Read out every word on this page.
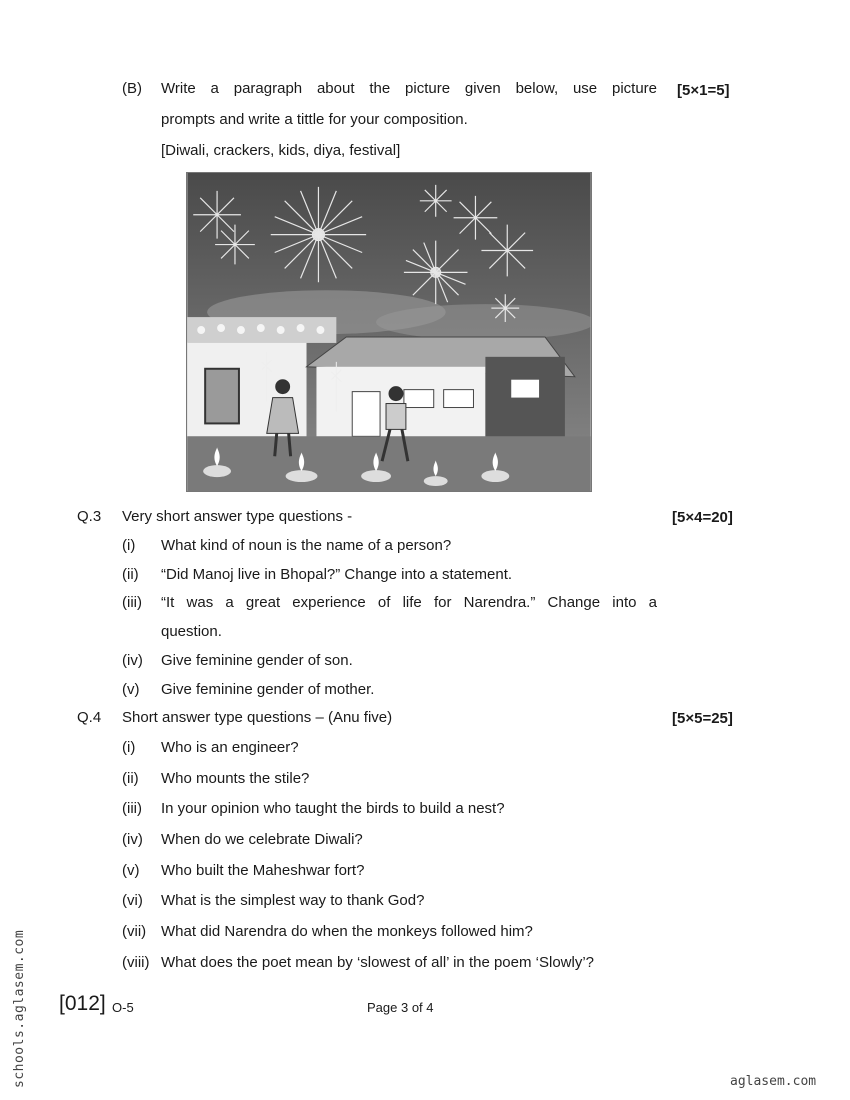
(B) Write a paragraph about the picture given below, use picture [5×1=5]
prompts and write a tittle for your composition.
[Diwali, crackers, kids, diya, festival]
Q.3 Very short answer type questions -	[5×4=20]
(i) What kind of noun is the name of a person?
(ii) “Did Manoj live in Bhopal?” Change into a statement.
(iii) “It was a great experience of life for Narendra.” Change into a
question.
(iv) Give feminine gender of son.
(v) Give feminine gender of mother.
Q.4 Short answer type questions – (Anu five)	[5×5=25]
(i) Who is an engineer?
(ii) Who mounts the stile?
(iii) In your opinion who taught the birds to build a nest?
(iv) When do we celebrate Diwali?
(v) Who built the Maheshwar fort?
(vi) What is the simplest way to thank God?
(vii) What did Narendra do when the monkeys followed him?
(viii) What does the poet mean by ‘slowest of all’ in the poem ‘Slowly’?
[012] O-5	Page 3 of 4
schools.aglasem.com	aglasem.com
